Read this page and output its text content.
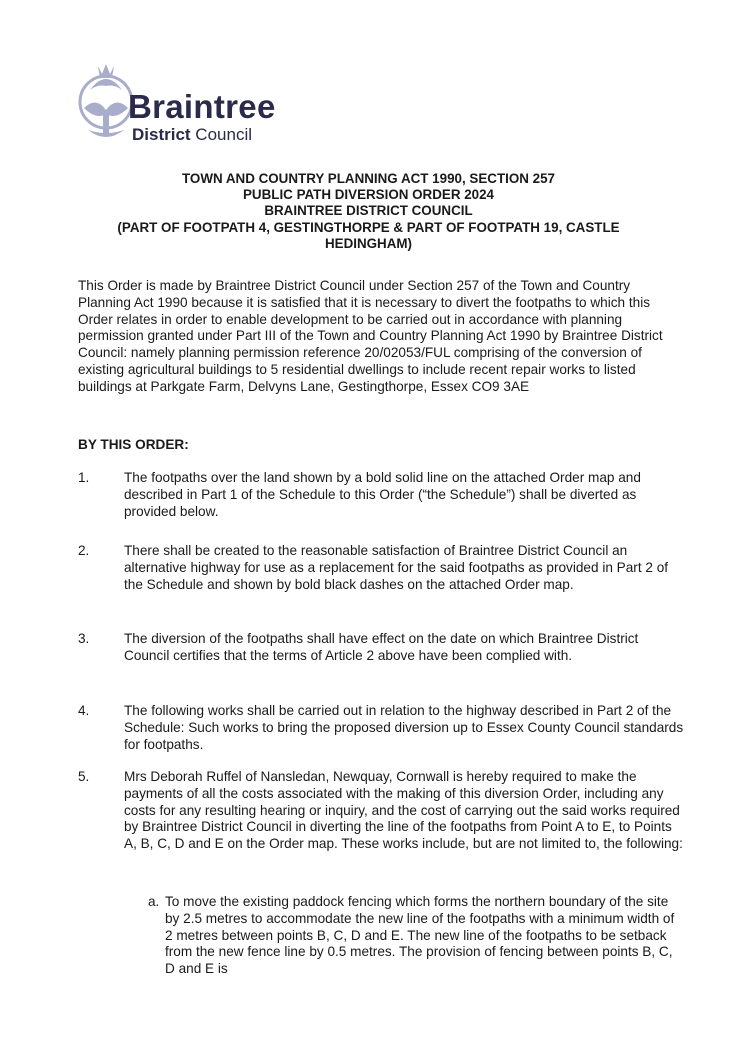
Braintree
District Council
TOWN AND COUNTRY PLANNING ACT 1990, SECTION 257
PUBLIC PATH DIVERSION ORDER 2024
BRAINTREE DISTRICT COUNCIL
(PART OF FOOTPATH 4, GESTINGTHORPE & PART OF FOOTPATH 19, CASTLE HEDINGHAM)
This Order is made by Braintree District Council under Section 257 of the Town and Country Planning Act 1990 because it is satisfied that it is necessary to divert the footpaths to which this Order relates in order to enable development to be carried out in accordance with planning permission granted under Part III of the Town and Country Planning Act 1990 by Braintree District Council: namely planning permission reference 20/02053/FUL comprising of the conversion of existing agricultural buildings to 5 residential dwellings to include recent repair works to listed buildings at Parkgate Farm, Delvyns Lane, Gestingthorpe, Essex CO9 3AE
BY THIS ORDER:
1.	The footpaths over the land shown by a bold solid line on the attached Order map and described in Part 1 of the Schedule to this Order (“the Schedule”) shall be diverted as provided below.
2.	There shall be created to the reasonable satisfaction of Braintree District Council an alternative highway for use as a replacement for the said footpaths as provided in Part 2 of the Schedule and shown by bold black dashes on the attached Order map.
3.	The diversion of the footpaths shall have effect on the date on which Braintree District Council certifies that the terms of Article 2 above have been complied with.
4.	The following works shall be carried out in relation to the highway described in Part 2 of the Schedule: Such works to bring the proposed diversion up to Essex County Council standards for footpaths.
5.	Mrs Deborah Ruffel of Nansledan, Newquay, Cornwall is hereby required to make the payments of all the costs associated with the making of this diversion Order, including any costs for any resulting hearing or inquiry, and the cost of carrying out the said works required by Braintree District Council in diverting the line of the footpaths from Point A to E, to Points A, B, C, D and E on the Order map. These works include, but are not limited to, the following:
a. To move the existing paddock fencing which forms the northern boundary of the site by 2.5 metres to accommodate the new line of the footpaths with a minimum width of 2 metres between points B, C, D and E. The new line of the footpaths to be setback from the new fence line by 0.5 metres. The provision of fencing between points B, C, D and E is
